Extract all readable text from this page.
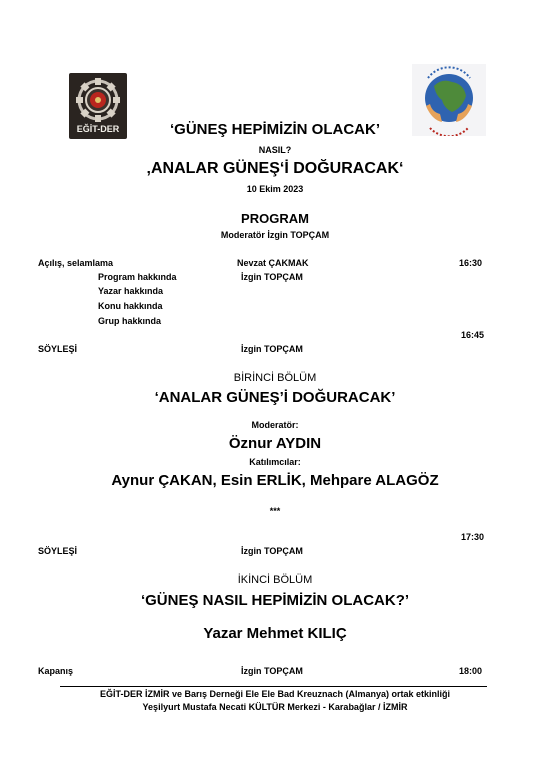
EĞİT-DER	‘GÜNEŞ HEPİMİZİN OLACAK’
NASIL?
‚ANALAR GÜNEŞ‘İ DOĞURACAK‘
10 Ekim 2023
PROGRAM
Moderatör İzgin TOPÇAM
Açılış, selamlama	Nevzat ÇAKMAK	16:30
Program hakkında	İzgin TOPÇAM
Yazar hakkında
Konu hakkında
Grup hakkında
16:45
SÖYLEŞİ	İzgin TOPÇAM
BİRİNCİ BÖLÜM
‘ANALAR GÜNEŞ’İ DOĞURACAK’
Moderatör:
Öznur AYDIN
Katılımcılar:
Aynur ÇAKAN, Esin ERLİK, Mehpare ALAGÖZ
***
17:30
SÖYLEŞİ	İzgin TOPÇAM
İKİNCİ BÖLÜM
‘GÜNEŞ NASIL HEPİMİZİN OLACAK?’
Yazar Mehmet KILIÇ
Kapanış	İzgin TOPÇAM	18:00
EĞİT-DER İZMİR ve Barış Derneği Ele Ele Bad Kreuznach (Almanya) ortak etkinliği
Yeşilyurt Mustafa Necati KÜLTÜR Merkezi - Karabağlar / İZMİR
